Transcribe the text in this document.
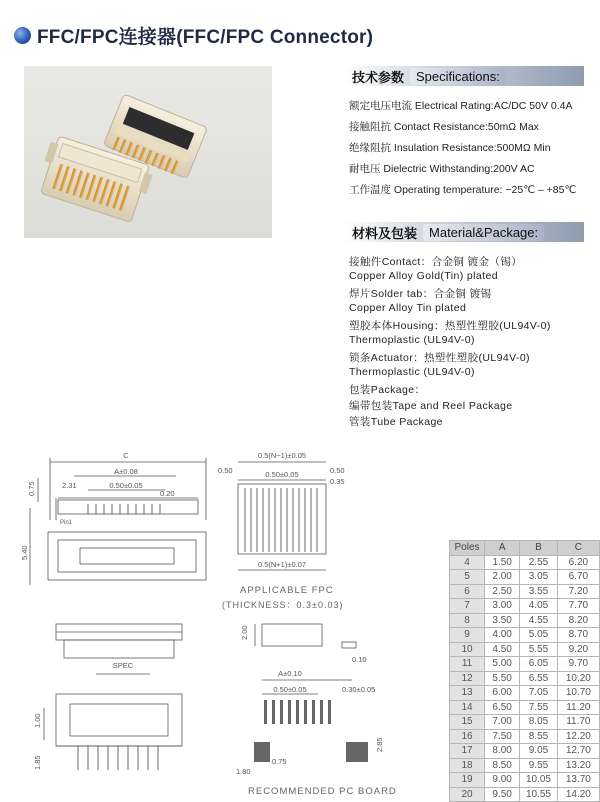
FFC/FPC连接器(FFC/FPC Connector)
技术参数 Specifications:
额定电压电流 Electrical Rating:AC/DC 50V 0.4A
接触阻抗 Contact Resistance:50mΩ Max
绝缘阻抗 Insulation Resistance:500MΩ Min
耐电压 Dielectric Withstanding:200V AC
工作温度 Operating temperature: −25℃ – +85℃
材料及包装 Material&Package:
接触件Contact：合金铜 镀金（锡）
Copper Alloy Gold(Tin) plated
焊片Solder tab：合金铜 镀锡
Copper Alloy Tin plated
塑胶本体Housing：热塑性塑胶(UL94V-0)
Thermoplastic (UL94V-0)
锁条Actuator：热塑性塑胶(UL94V-0)
Thermoplastic (UL94V-0)
包装Package：
编带包装Tape and Reel Package
管装Tube Package
C
A±0.08
0.50±0.05
2.31
0.20
0.75
5.40
Pin1
0.5(N−1)±0.05
0.50±0.05
0.50	0.50
0.35
0.5(N+1)±0.07
2.00
0.10
SPEC
A±0.10
0.50±0.05	0.30±0.05
1.00
1.85
1.80
0.75
2.85
APPLICABLE FPC
(THICKNESS：0.3±0.03)
RECOMMENDED PC BOARD
Poles	A	B	C
4	1.50	2.55	6.20
5	2.00	3.05	6.70
6	2.50	3.55	7.20
7	3.00	4.05	7.70
8	3.50	4.55	8.20
9	4.00	5.05	8.70
10	4.50	5.55	9.20
11	5.00	6.05	9.70
12	5.50	6.55	10.20
13	6.00	7.05	10.70
14	6.50	7.55	11.20
15	7.00	8.05	11.70
16	7.50	8.55	12.20
17	8.00	9.05	12.70
18	8.50	9.55	13.20
19	9.00	10.05	13.70
20	9.50	10.55	14.20
